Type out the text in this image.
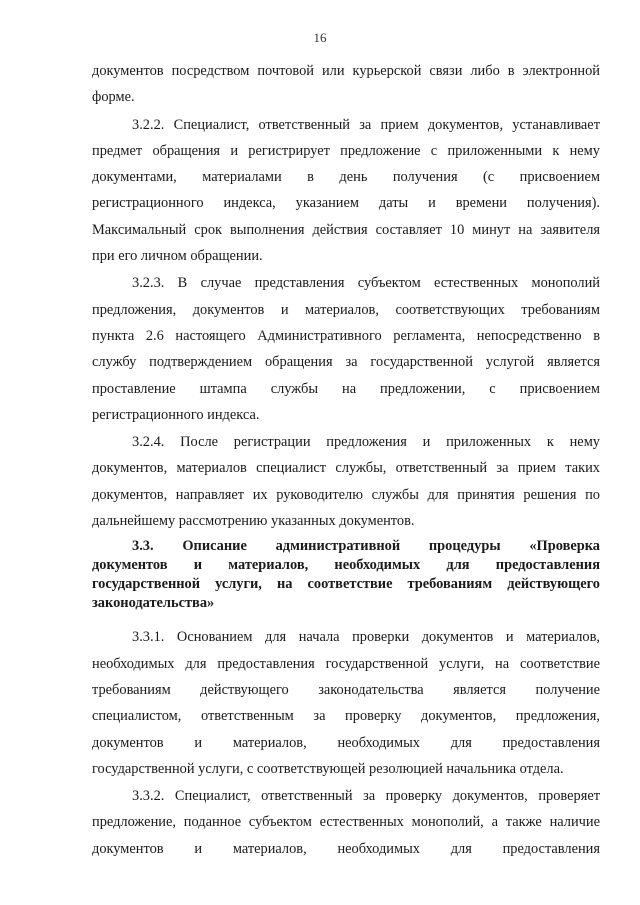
16

документов посредством почтовой или курьерской связи либо в электронной
форме.

3.2.2. Специалист, ответственный за прием документов, устанавливает
предмет обращения и регистрирует предложение с приложенными к нему
документами, материалами в день получения (с присвоением
регистрационного индекса, указанием даты и времени получения).
Максимальный срок выполнения действия составляет 10 минут на заявителя
при его личном обращении.

3.2.3. В случае представления субъектом естественных монополий
предложения, документов и материалов, соответствующих требованиям
пункта 2.6 настоящего Административного регламента, непосредственно в
службу подтверждением обращения за государственной услугой является
проставление штампа службы на предложении, с присвоением
регистрационного индекса.

3.2.4. После регистрации предложения и приложенных к нему
документов, материалов специалист службы, ответственный за прием таких
документов, направляет их руководителю службы для принятия решения по
дальнейшему рассмотрению указанных документов.

3.3. Описание административной процедуры «Проверка
документов и материалов, необходимых для предоставления
государственной услуги, на соответствие требованиям действующего
законодательства»

3.3.1. Основанием для начала проверки документов и материалов,
необходимых для предоставления государственной услуги, на соответствие
требованиям действующего законодательства является получение
специалистом, ответственным за проверку документов, предложения,
документов и материалов, необходимых для предоставления
государственной услуги, с соответствующей резолюцией начальника отдела.

3.3.2. Специалист, ответственный за проверку документов, проверяет
предложение, поданное субъектом естественных монополий, а также наличие
документов и материалов, необходимых для предоставления
